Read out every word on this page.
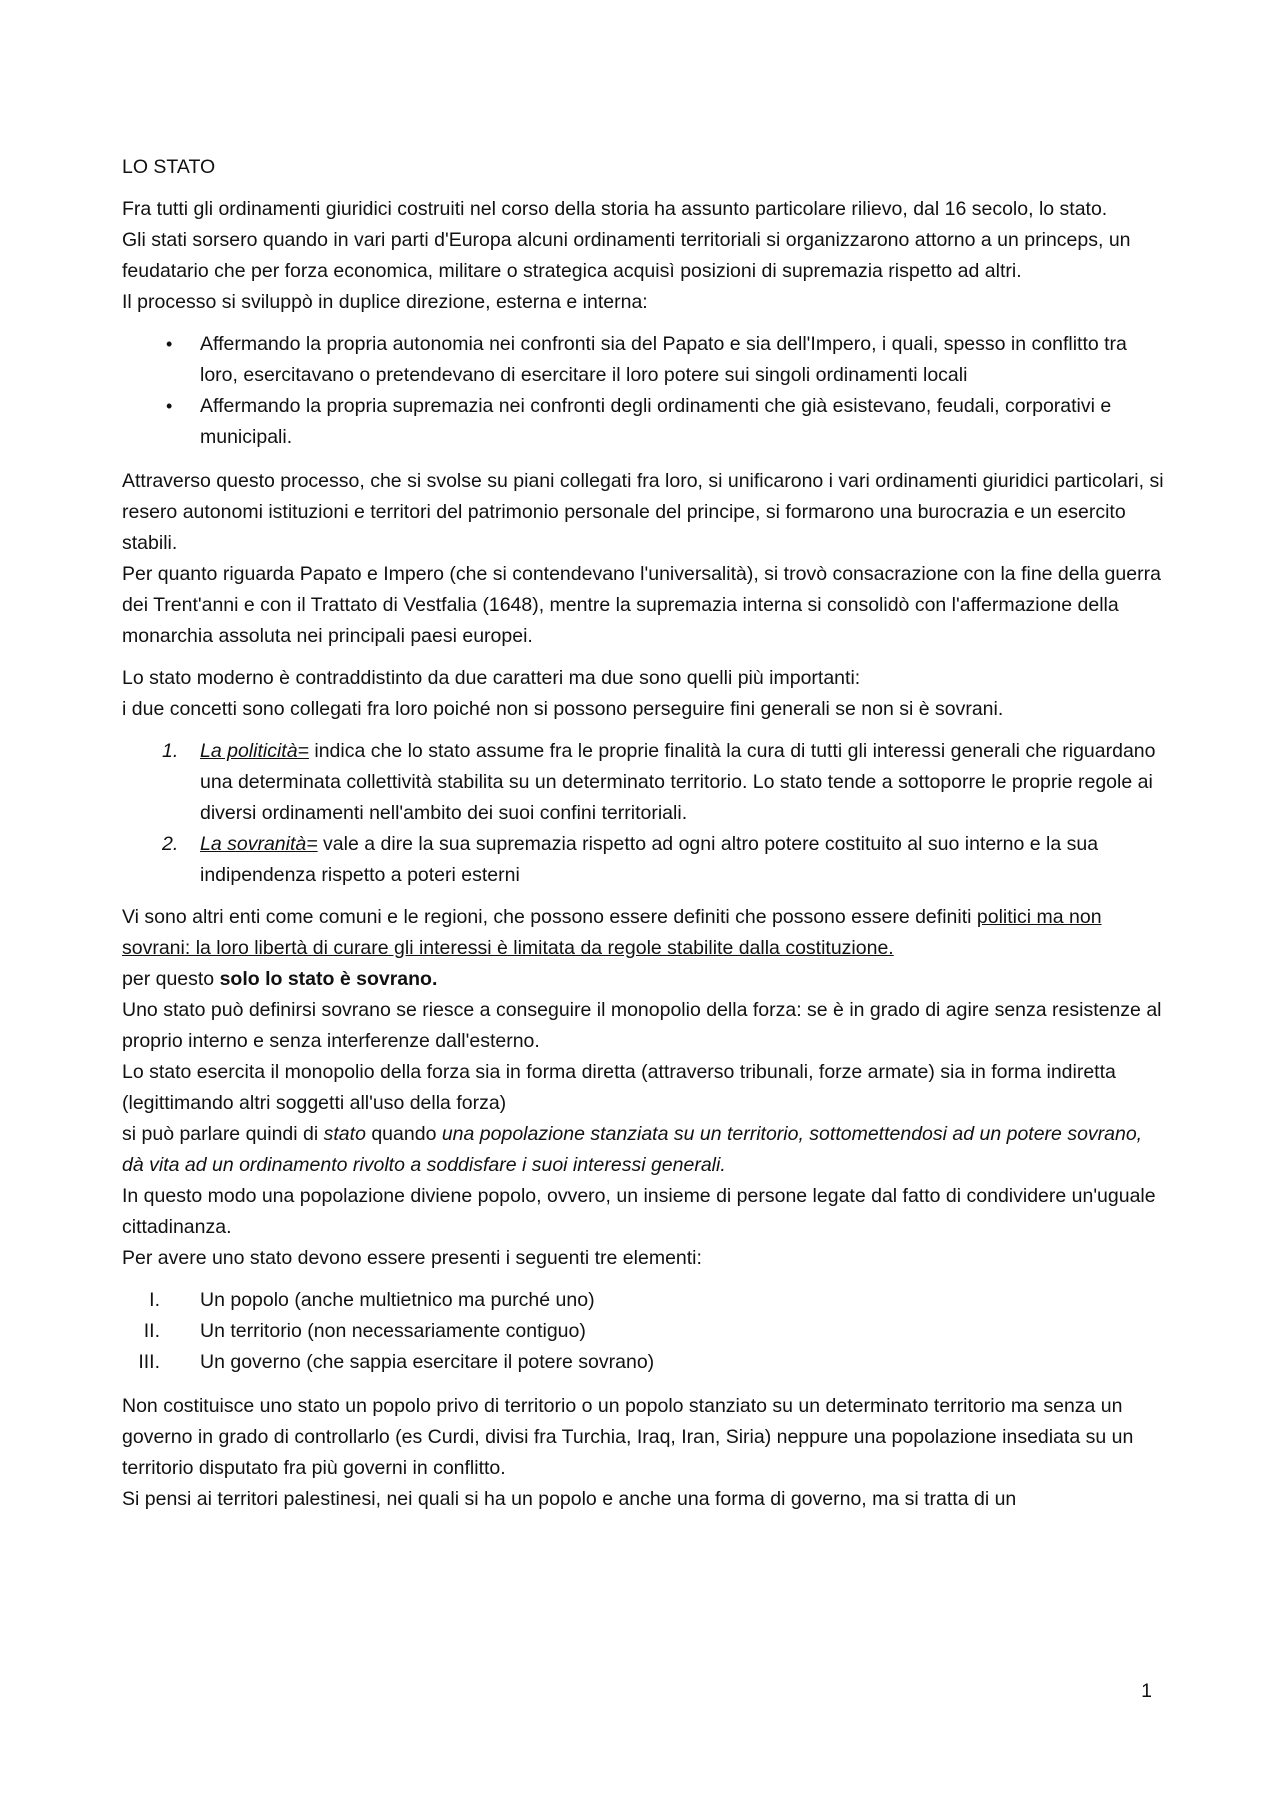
LO STATO

Fra tutti gli ordinamenti giuridici costruiti nel corso della storia ha assunto particolare rilievo, dal 16 secolo, lo stato.

Gli stati sorsero quando in vari parti d'Europa alcuni ordinamenti territoriali si organizzarono attorno a un princeps, un feudatario che per forza economica, militare o strategica acquisì posizioni di supremazia rispetto ad altri.

Il processo si sviluppò in duplice direzione, esterna e interna:

•	Affermando la propria autonomia nei confronti sia del Papato e sia dell'Impero, i quali, spesso in conflitto tra loro, esercitavano o pretendevano di esercitare il loro potere sui singoli ordinamenti locali
•	Affermando la propria supremazia nei confronti degli ordinamenti che già esistevano, feudali, corporativi e municipali.

Attraverso questo processo, che si svolse su piani collegati fra loro, si unificarono i vari ordinamenti giuridici particolari, si resero autonomi istituzioni e territori del patrimonio personale del principe, si formarono una burocrazia e un esercito stabili.

Per quanto riguarda Papato e Impero (che si contendevano l'universalità), si trovò consacrazione con la fine della guerra dei Trent'anni e con il Trattato di Vestfalia (1648), mentre la supremazia interna si consolidò con l'affermazione della monarchia assoluta nei principali paesi europei.

Lo stato moderno è contraddistinto da due caratteri ma due sono quelli più importanti:

i due concetti sono collegati fra loro poiché non si possono perseguire fini generali se non si è sovrani.

1.	La politicità= indica che lo stato assume fra le proprie finalità la cura di tutti gli interessi generali che riguardano una determinata collettività stabilita su un determinato territorio. Lo stato tende a sottoporre le proprie regole ai diversi ordinamenti nell'ambito dei suoi confini territoriali.
2.	La sovranità= vale a dire la sua supremazia rispetto ad ogni altro potere costituito al suo interno e la sua indipendenza rispetto a poteri esterni

Vi sono altri enti come comuni e le regioni, che possono essere definiti che possono essere definiti politici ma non sovrani: la loro libertà di curare gli interessi è limitata da regole stabilite dalla costituzione.

per questo solo lo stato è sovrano.

Uno stato può definirsi sovrano se riesce a conseguire il monopolio della forza: se è in grado di agire senza resistenze al proprio interno e senza interferenze dall'esterno.

Lo stato esercita il monopolio della forza sia in forma diretta (attraverso tribunali, forze armate) sia in forma indiretta (legittimando altri soggetti all'uso della forza)

si può parlare quindi di stato quando una popolazione stanziata su un territorio, sottomettendosi ad un potere sovrano, dà vita ad un ordinamento rivolto a soddisfare i suoi interessi generali.

In questo modo una popolazione diviene popolo, ovvero, un insieme di persone legate dal fatto di condividere un'uguale cittadinanza.

Per avere uno stato devono essere presenti i seguenti tre elementi:

I. Un popolo (anche multietnico ma purché uno)
II. Un territorio (non necessariamente contiguo)
III. Un governo (che sappia esercitare il potere sovrano)

Non costituisce uno stato un popolo privo di territorio o un popolo stanziato su un determinato territorio ma senza un governo in grado di controllarlo (es Curdi, divisi fra Turchia, Iraq, Iran, Siria) neppure una popolazione insediata su un territorio disputato fra più governi in conflitto.

Si pensi ai territori palestinesi, nei quali si ha un popolo e anche una forma di governo, ma si tratta di un

1
